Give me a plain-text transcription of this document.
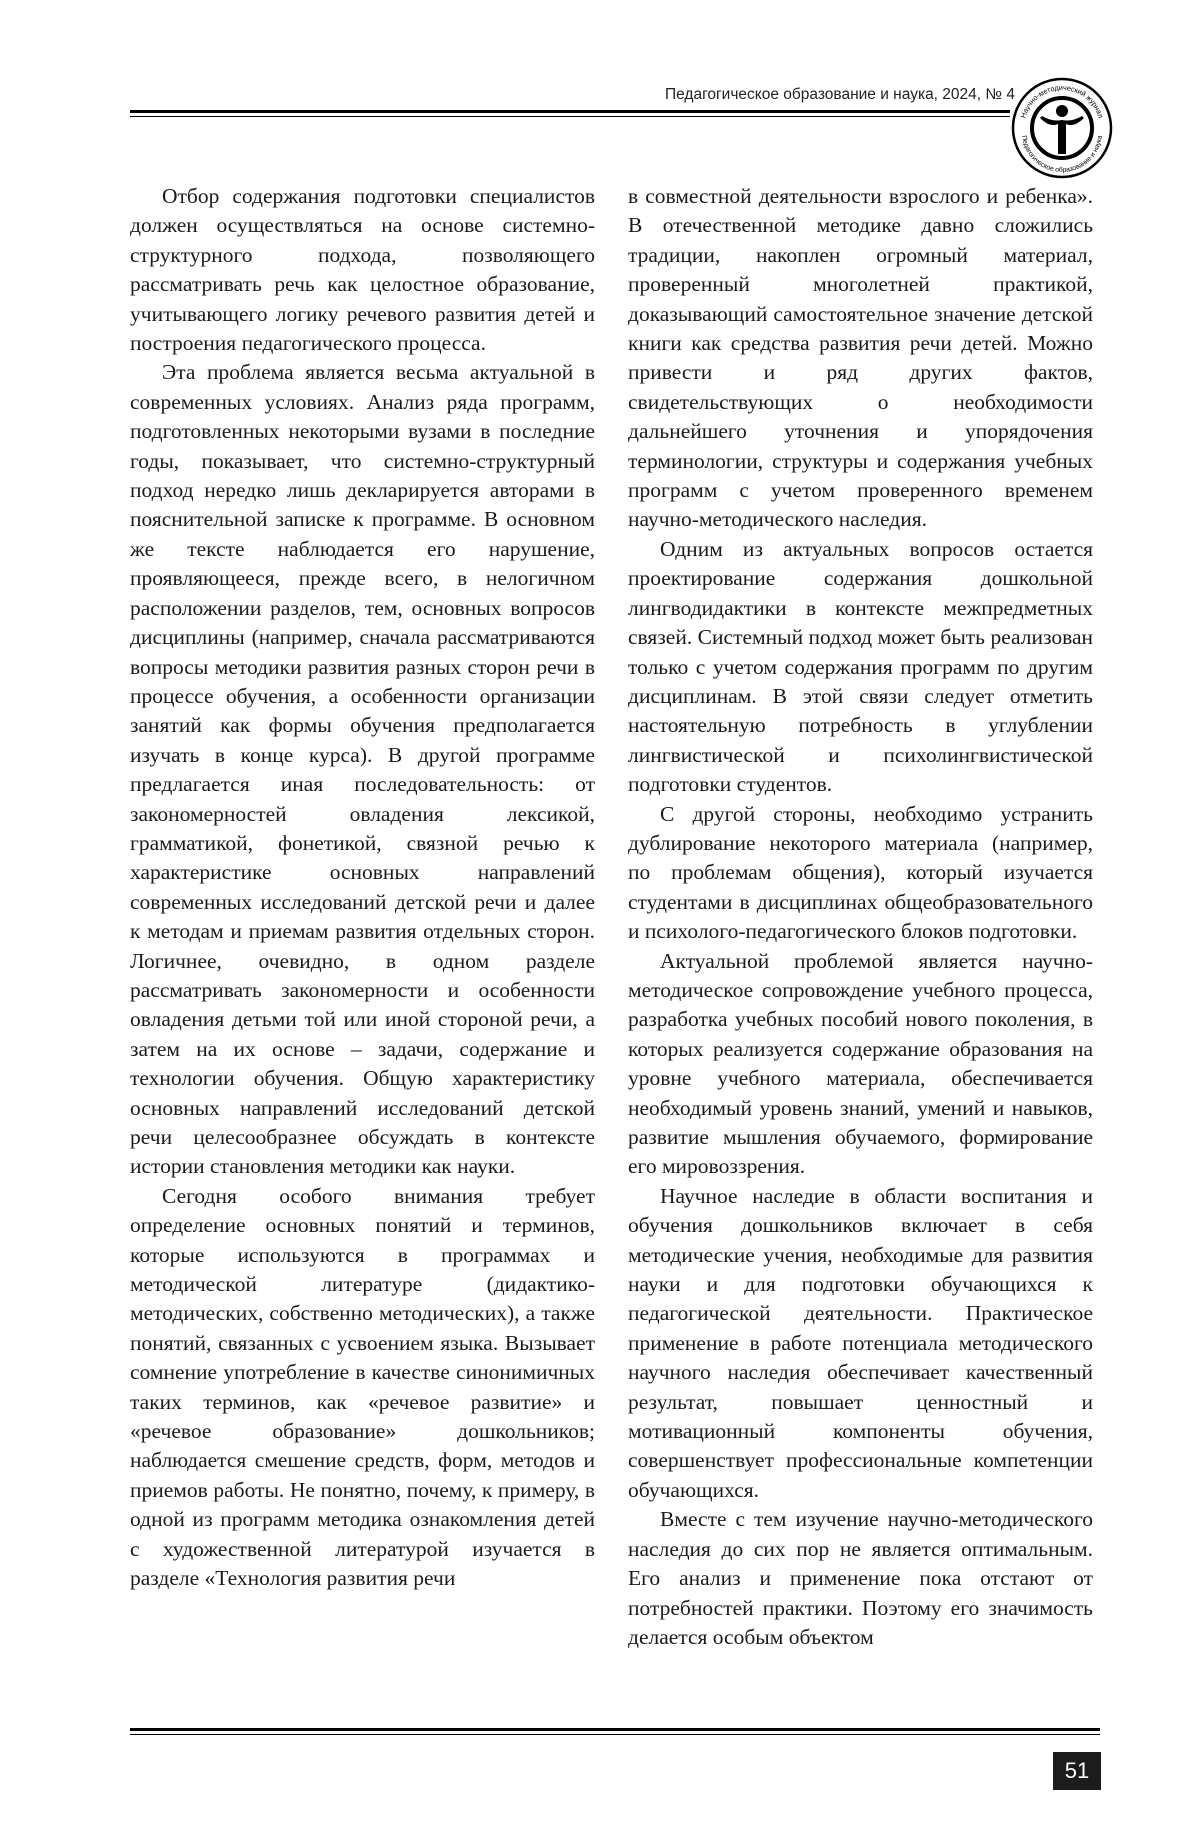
Педагогическое образование и наука, 2024, № 4
Научно-методический журнал
Педагогическое образование и наука

Отбор содержания подготовки специалистов должен осуществляться на основе системно-структурного подхода, позволяющего рассматривать речь как целостное образование, учитывающего логику речевого развития детей и построения педагогического процесса.

Эта проблема является весьма актуальной в современных условиях. Анализ ряда программ, подготовленных некоторыми вузами в последние годы, показывает, что системно-структурный подход нередко лишь декларируется авторами в пояснительной записке к программе. В основном же тексте наблюдается его нарушение, проявляющееся, прежде всего, в нелогичном расположении разделов, тем, основных вопросов дисциплины (например, сначала рассматриваются вопросы методики развития разных сторон речи в процессе обучения, а особенности организации занятий как формы обучения предполагается изучать в конце курса). В другой программе предлагается иная последовательность: от закономерностей овладения лексикой, грамматикой, фонетикой, связной речью к характеристике основных направлений современных исследований детской речи и далее к методам и приемам развития отдельных сторон. Логичнее, очевидно, в одном разделе рассматривать закономерности и особенности овладения детьми той или иной стороной речи, а затем на их основе – задачи, содержание и технологии обучения. Общую характеристику основных направлений исследований детской речи целесообразнее обсуждать в контексте истории становления методики как науки.

Сегодня особого внимания требует определение основных понятий и терминов, которые используются в программах и методической литературе (дидактико-методических, собственно методических), а также понятий, связанных с усвоением языка. Вызывает сомнение употребление в качестве синонимичных таких терминов, как «речевое развитие» и «речевое образование» дошкольников; наблюдается смешение средств, форм, методов и приемов работы. Не понятно, почему, к примеру, в одной из программ методика ознакомления детей с художественной литературой изучается в разделе «Технология развития речи

в совместной деятельности взрослого и ребенка». В отечественной методике давно сложились традиции, накоплен огромный материал, проверенный многолетней практикой, доказывающий самостоятельное значение детской книги как средства развития речи детей. Можно привести и ряд других фактов, свидетельствующих о необходимости дальнейшего уточнения и упорядочения терминологии, структуры и содержания учебных программ с учетом проверенного временем научно-методического наследия.

Одним из актуальных вопросов остается проектирование содержания дошкольной лингводидактики в контексте межпредметных связей. Системный подход может быть реализован только с учетом содержания программ по другим дисциплинам. В этой связи следует отметить настоятельную потребность в углублении лингвистической и психолингвистической подготовки студентов.

С другой стороны, необходимо устранить дублирование некоторого материала (например, по проблемам общения), который изучается студентами в дисциплинах общеобразовательного и психолого-педагогического блоков подготовки.

Актуальной проблемой является научно-методическое сопровождение учебного процесса, разработка учебных пособий нового поколения, в которых реализуется содержание образования на уровне учебного материала, обеспечивается необходимый уровень знаний, умений и навыков, развитие мышления обучаемого, формирование его мировоззрения.

Научное наследие в области воспитания и обучения дошкольников включает в себя методические учения, необходимые для развития науки и для подготовки обучающихся к педагогической деятельности. Практическое применение в работе потенциала методического научного наследия обеспечивает качественный результат, повышает ценностный и мотивационный компоненты обучения, совершенствует профессиональные компетенции обучающихся.

Вместе с тем изучение научно-методического наследия до сих пор не является оптимальным. Его анализ и применение пока отстают от потребностей практики. Поэтому его значимость делается особым объектом

51
